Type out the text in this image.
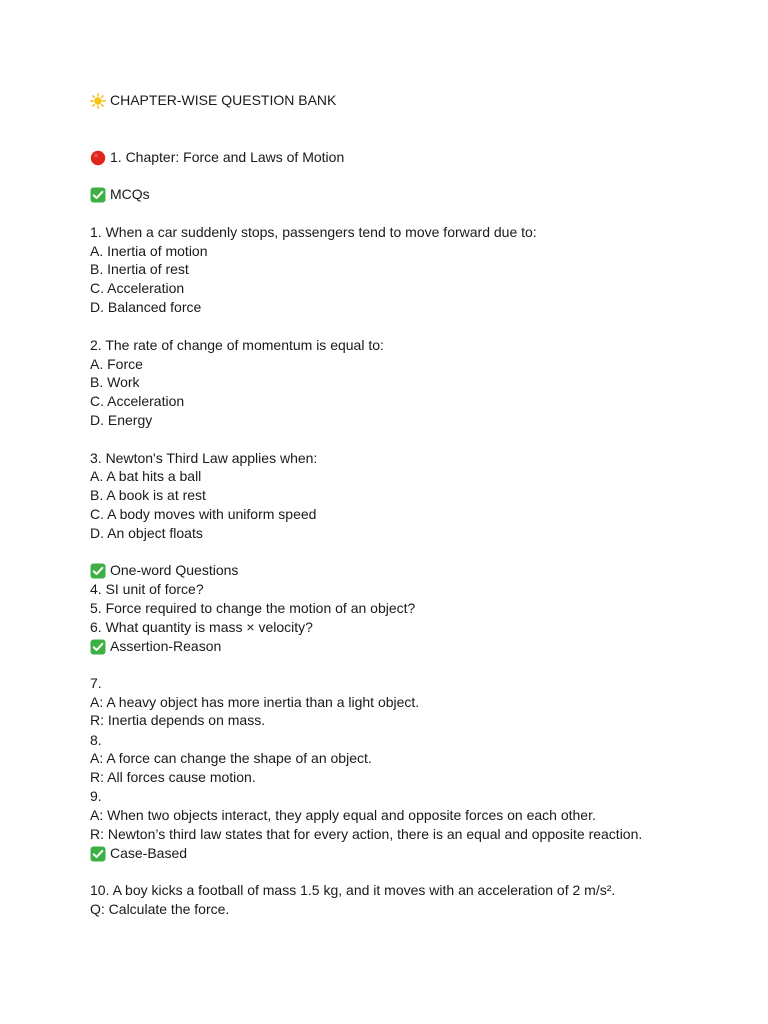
CHAPTER-WISE QUESTION BANK
1. Chapter: Force and Laws of Motion
MCQs
1. When a car suddenly stops, passengers tend to move forward due to:
A. Inertia of motion
B. Inertia of rest
C. Acceleration
D. Balanced force
2. The rate of change of momentum is equal to:
A. Force
B. Work
C. Acceleration
D. Energy
3. Newton's Third Law applies when:
A. A bat hits a ball
B. A book is at rest
C. A body moves with uniform speed
D. An object floats
One-word Questions
4. SI unit of force?
5. Force required to change the motion of an object?
6. What quantity is mass × velocity?
Assertion-Reason
7.
A: A heavy object has more inertia than a light object.
R: Inertia depends on mass.
8.
A: A force can change the shape of an object.
R: All forces cause motion.
9.
A: When two objects interact, they apply equal and opposite forces on each other.
R: Newton’s third law states that for every action, there is an equal and opposite reaction.
Case-Based
10. A boy kicks a football of mass 1.5 kg, and it moves with an acceleration of 2 m/s².
Q: Calculate the force.
